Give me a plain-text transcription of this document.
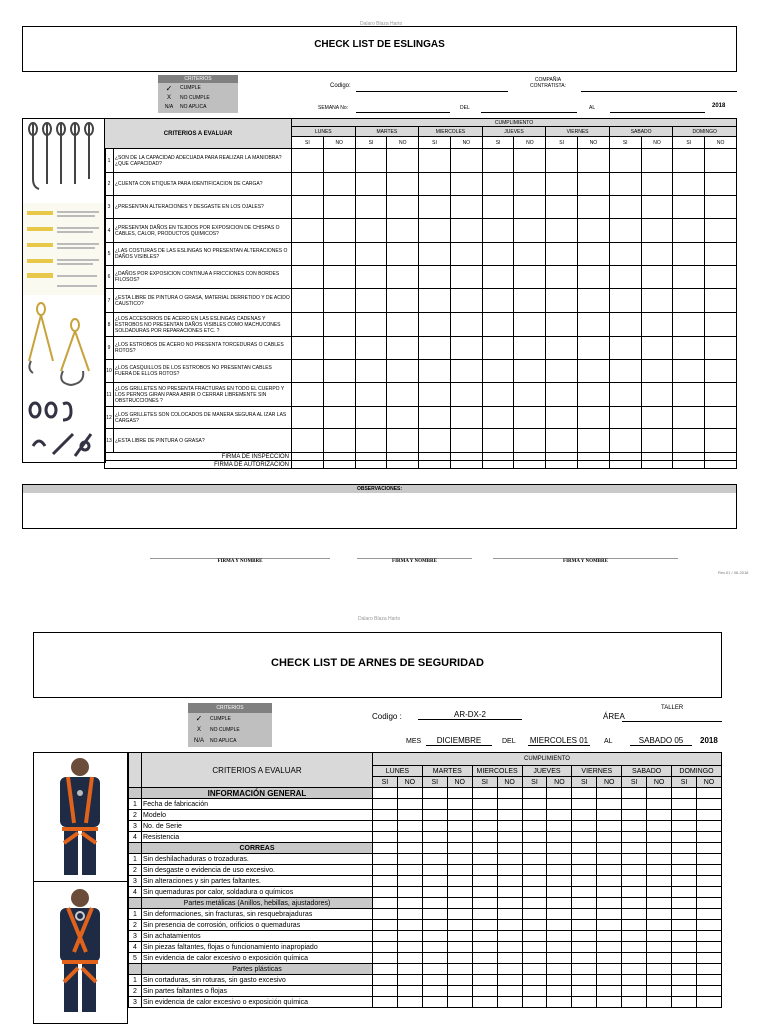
Dalaro Blaza Harto
CHECK LIST DE ESLINGAS
CRITERIOS
✓	CUMPLE
X	NO CUMPLE
N/A	NO APLICA
Codigo:
COMPAÑIA
CONTRATISTA:
SEMANA No:	DEL	AL	2018
CRITERIOS A EVALUAR		CUMPLIMIENTO													
		LUNES		MARTES		MIERCOLES		JUEVES		VIERNES		SABADO		DOMINGO	
		SI	NO	SI	NO	SI	NO	SI	NO	SI	NO	SI	NO	SI	NO
1	¿SON DE LA CAPACIDAD ADECUADA PARA REALIZAR LA MANIOBRA? ¿QUE CAPACIDAD?														
2	¿CUENTA CON ETIQUETA PARA IDENTIFICACION DE CARGA?														
3	¿PRESENTAN ALTERACIONES Y DESGASTE EN LOS OJALES?														
4	¿PRESENTAN DAÑOS EN TEJIDOS POR EXPOSICION DE CHISPAS O CABLES, CALOR, PRODUCTOS QUIMICOS?														
5	¿LAS COSTURAS DE LAS ESLINGAS NO PRESENTAN ALTERACIONES O DAÑOS VISIBLES?														
6	¿DAÑOS POR EXPOSICION CONTINUA A FRICCIONES CON BORDES FILOSOS?														
7	¿ESTA LIBRE DE PINTURA O GRASA, MATERIAL DERRETIDO Y DE ACIDO CAUSTICO?														
8	¿LOS ACCESORIOS DE ACERO EN LAS ESLINGAS CADENAS Y ESTROBOS NO PRESENTAN DAÑOS VISIBLES COMO MACHUCONES SOLDADURAS POR REPARACIONES ETC. ?														
9	¿LOS ESTROBOS DE ACERO NO PRESENTA TORCEDURAS O CABLES ROTOS?														
10	¿LOS CASQUILLOS DE LOS ESTROBOS NO PRESENTAN CABLES FUERA DE ELLOS ROTOS?														
11	¿LOS GRILLETES NO PRESENTA FRACTURAS EN TODO EL CUERPO Y LOS PERNOS GIRAN PARA ABRIR O CERRAR LIBREMENTE SIN OBSTRUCCIONES ?														
12	¿LOS GRILLETES SON COLOCADOS DE MANERA SEGURA AL IZAR LAS CARGAS?														
13	¿ESTA LIBRE DE PINTURA O GRASA?														
FIRMA DE INSPECCION															
FIRMA DE AUTORIZACION															
OBSERVACIONES:
FIRMA Y NOMBRE	FIRMA Y NOMBRE	FIRMA Y NOMBRE
Rev.01 / 06-2018
Dalaro Blaza Harto
CHECK LIST DE ARNES DE SEGURIDAD
CRITERIOS
✓	CUMPLE
X	NO CUMPLE
N/A	NO APLICA
Codigo :	AR-DX-2	ÁREA
TALLER
MES	DICIEMBRE	DEL MIERCOLES 01 AL	SABADO 05	2018
	CRITERIOS A EVALUAR	CUMPLIMIENTO													
		LUNES		MARTES		MIERCOLES		JUEVES		VIERNES		SABADO		DOMINGO	
		SI	NO	SI	NO	SI	NO	SI	NO	SI	NO	SI	NO	SI	NO
	INFORMACIÓN GENERAL														
1	Fecha de fabricación														
2	Modelo														
3	No. de Serie														
4	Resistencia														
	CORREAS														
1	Sin deshilachaduras o trozaduras.														
2	Sin desgaste o evidencia de uso excesivo.														
3	Sin alteraciones y sin partes faltantes.														
4	Sin quemaduras por calor, soldadura o químicos														
	Partes metálicas (Anillos, hebillas, ajustadores)														
1	Sin deformaciones, sin fracturas, sin resquebrajaduras														
2	Sin presencia de corrosión, orificios o quemaduras														
3	Sin achatamientos														
4	Sin piezas faltantes, flojas o funcionamiento inapropiado														
5	Sin evidencia de calor excesivo o exposición química														
	Partes plásticas														
1	Sin cortaduras, sin roturas, sin gasto excesivo														
2	Sin partes faltantes o flojas														
3	Sin evidencia de calor excesivo o exposición química														
